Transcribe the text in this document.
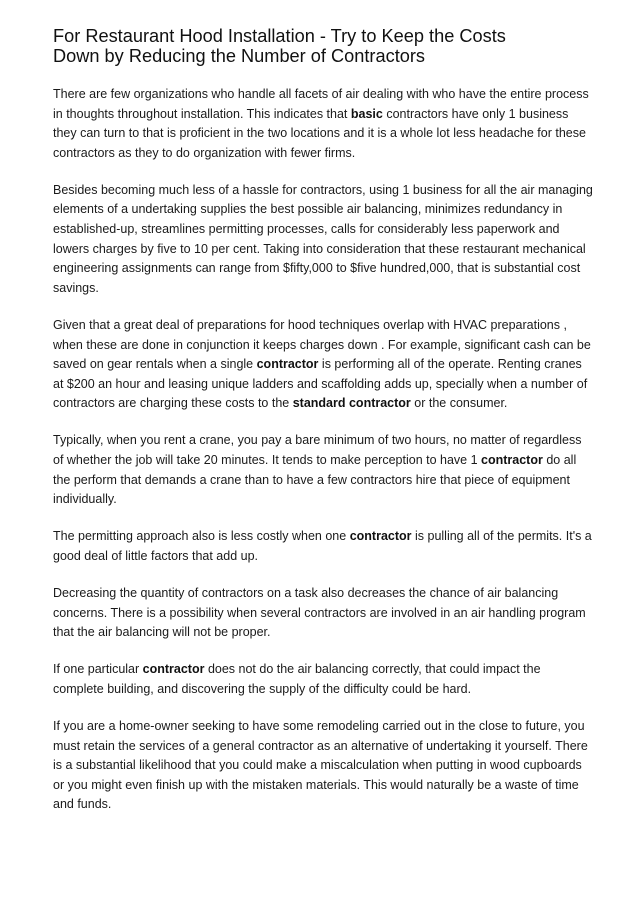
For Restaurant Hood Installation - Try to Keep the Costs
Down by Reducing the Number of Contractors

There are few organizations who handle all facets of air dealing with who have the entire process in thoughts throughout installation. This indicates that basic contractors have only 1 business they can turn to that is proficient in the two locations and it is a whole lot less headache for these contractors as they to do organization with fewer firms.

Besides becoming much less of a hassle for contractors, using 1 business for all the air managing elements of a undertaking supplies the best possible air balancing, minimizes redundancy in established-up, streamlines permitting processes, calls for considerably less paperwork and lowers charges by five to 10 per cent. Taking into consideration that these restaurant mechanical engineering assignments can range from $fifty,000 to $five hundred,000, that is substantial cost savings.

Given that a great deal of preparations for hood techniques overlap with HVAC preparations , when these are done in conjunction it keeps charges down . For example, significant cash can be saved on gear rentals when a single contractor is performing all of the operate. Renting cranes at $200 an hour and leasing unique ladders and scaffolding adds up, specially when a number of contractors are charging these costs to the standard contractor or the consumer.

Typically, when you rent a crane, you pay a bare minimum of two hours, no matter of regardless of whether the job will take 20 minutes. It tends to make perception to have 1 contractor do all the perform that demands a crane than to have a few contractors hire that piece of equipment individually.

The permitting approach also is less costly when one contractor is pulling all of the permits. It's a good deal of little factors that add up.

Decreasing the quantity of contractors on a task also decreases the chance of air balancing concerns. There is a possibility when several contractors are involved in an air handling program that the air balancing will not be proper.

If one particular contractor does not do the air balancing correctly, that could impact the complete building, and discovering the supply of the difficulty could be hard.

If you are a home-owner seeking to have some remodeling carried out in the close to future, you must retain the services of a general contractor as an alternative of undertaking it yourself. There is a substantial likelihood that you could make a miscalculation when putting in wood cupboards or you might even finish up with the mistaken materials. This would naturally be a waste of time and funds.
